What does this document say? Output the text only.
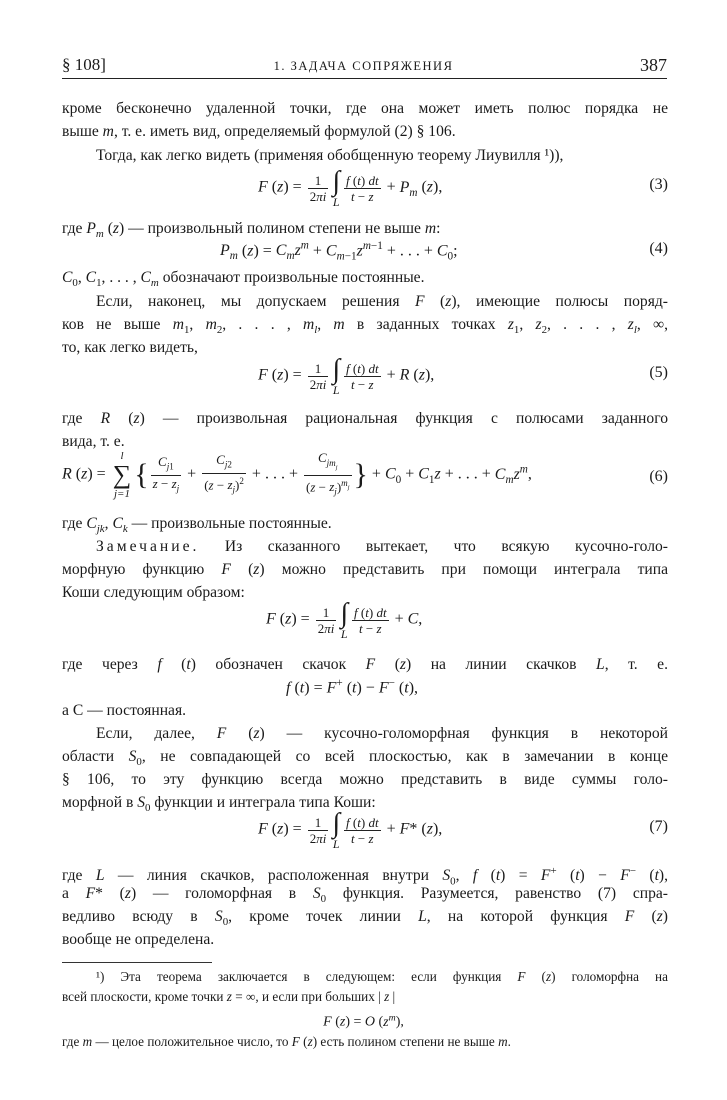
§ 108]	1. ЗАДАЧА СОПРЯЖЕНИЯ	387
кроме бесконечно удаленной точки, где она может иметь полюс порядка не
выше m, т. е. иметь вид, определяемый формулой (2) § 106.
Тогда, как легко видеть (применяя обобщенную теорему Лиувилля ¹)),
F $(z) = \frac{1}{2\pi i}$ ∫
L $\frac{f (t) dt}{t - z} + P_m$ (z),	(3)
где $P_m$ (z) — произвольный полином степени не выше m:
$P_m$ $(z) = C_mz^m + C_{m-1}z^{m-1}$ + . . . + $C_0$;	(4)
$C_0$, $C_1$, . . . , $C_m$ обозначают произвольные постоянные.
Если, наконец, мы допускаем решения F (z), имеющие полюсы поряд-
ков не выше $m_1$, $m_2$, . . . , $m_l$, m в заданных точках $z_1$, $z_2$, . . . , $z_l$, ∞,
то, как легко видеть,
F $(z) = \frac{1}{2\pi i}$ ∫
L $\frac{f (t) dt}{t - z} + R$ (z),	(5)
где R (z) — произвольная рациональная функция с полюсами заданного
вида, т. е.
R (z) =
l
∑
j=1
{ $\frac{C_{j1}}{z - z_j} + \frac{C_{j2}}{(z - z_j)^2}$ + . . . + $\frac{C_{jm_j}}{(z - z_j)^{m_j}}$ } + $C_0 + C_1z$ + . . . + $C_mz^m$,	(6)
где $C_{jk}$, $C_k$ — произвольные постоянные.
Замечание. Из сказанного вытекает, что всякую кусочно-голо-
морфную функцию F (z) можно представить при помощи интеграла типа
Коши следующим образом:
F $(z) = \frac{1}{2\pi i}$ ∫
L $\frac{f (t) dt}{t - z} + C$,
где через f (t) обозначен скачок F (z) на линии скачков L, т. е.
f (t) = F+ (t) − F− (t),
а C — постоянная.
Если, далее, F (z) — кусочно-голоморфная функция в некоторой
области $S_0$, не совпадающей со всей плоскостью, как в замечании в конце
§ 106, то эту функцию всегда можно представить в виде суммы голо-
морфной в $S_0$ функции и интеграла типа Коши:
F $(z) = \frac{1}{2\pi i}$ ∫
L $\frac{f (t) dt}{t - z} + F*$ (z),	(7)
где L — линия скачков, расположенная внутри $S_0$, f (t) = F+ (t) − F− (t),
а F* (z) — голоморфная в $S_0$ функция. Разумеется, равенство (7) спра-
ведливо всюду в $S_0$, кроме точек линии L, на которой функция F (z)
вообще не определена.
¹) Эта теорема заключается в следующем: если функция F (z) голоморфна на
всей плоскости, кроме точки z = ∞, и если при больших | z |
F (z) = O $(z^m)$,
где m — целое положительное число, то F (z) есть полином степени не выше m.
